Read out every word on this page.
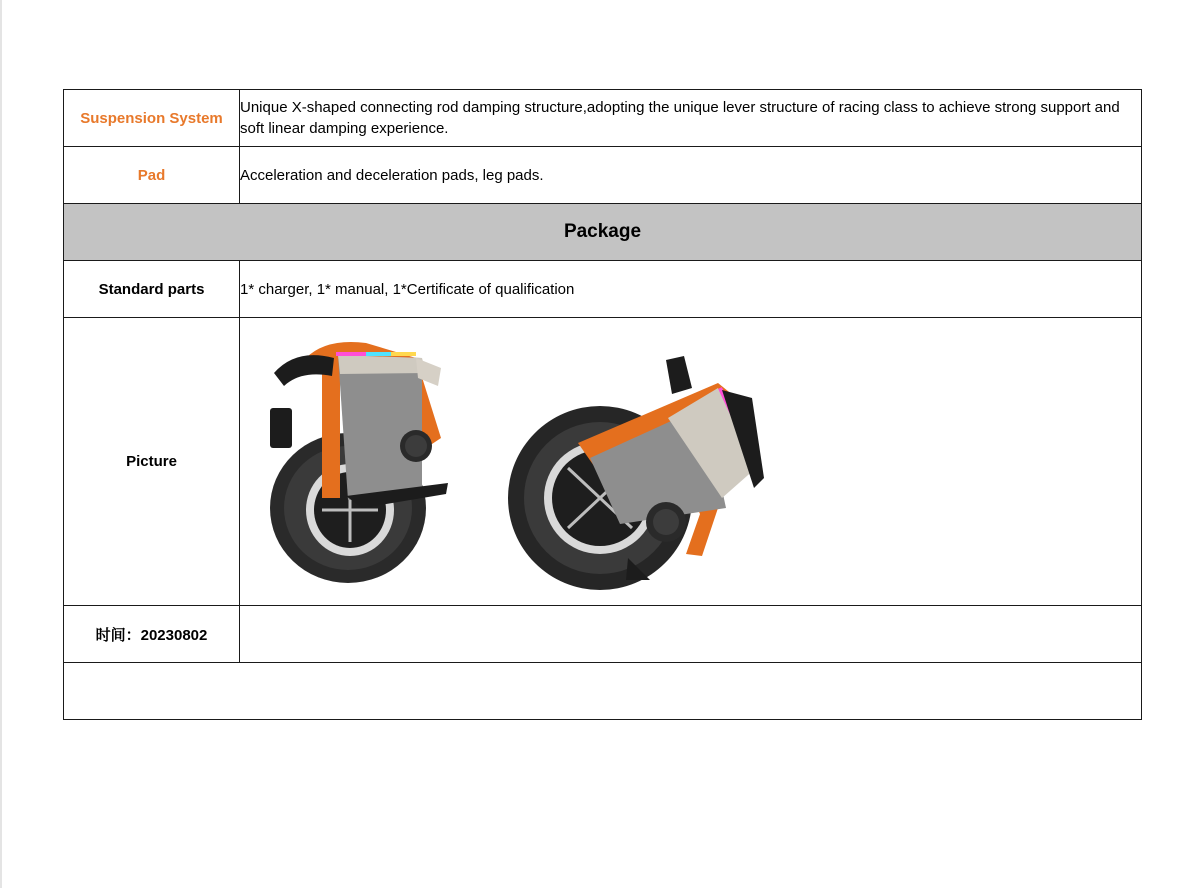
Suspension System	Unique X-shaped connecting rod damping structure,adopting the unique lever structure of racing class to achieve strong support and soft linear damping experience.
Pad	Acceleration and deceleration pads, leg pads.
Package	
Standard parts	1* charger, 1* manual, 1*Certificate of qualification
Picture	

时间：20230802	
